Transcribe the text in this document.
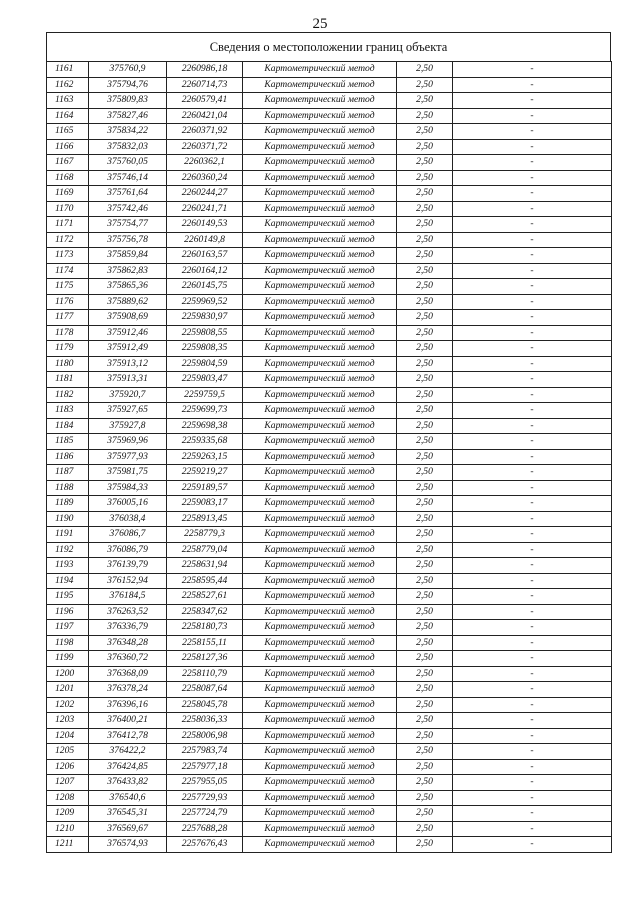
25
Сведения о местоположении границ объекта
1161	375760,9	2260986,18	Картометрический метод	2,50	-
1162	375794,76	2260714,73	Картометрический метод	2,50	-
1163	375809,83	2260579,41	Картометрический метод	2,50	-
1164	375827,46	2260421,04	Картометрический метод	2,50	-
1165	375834,22	2260371,92	Картометрический метод	2,50	-
1166	375832,03	2260371,72	Картометрический метод	2,50	-
1167	375760,05	2260362,1	Картометрический метод	2,50	-
1168	375746,14	2260360,24	Картометрический метод	2,50	-
1169	375761,64	2260244,27	Картометрический метод	2,50	-
1170	375742,46	2260241,71	Картометрический метод	2,50	-
1171	375754,77	2260149,53	Картометрический метод	2,50	-
1172	375756,78	2260149,8	Картометрический метод	2,50	-
1173	375859,84	2260163,57	Картометрический метод	2,50	-
1174	375862,83	2260164,12	Картометрический метод	2,50	-
1175	375865,36	2260145,75	Картометрический метод	2,50	-
1176	375889,62	2259969,52	Картометрический метод	2,50	-
1177	375908,69	2259830,97	Картометрический метод	2,50	-
1178	375912,46	2259808,55	Картометрический метод	2,50	-
1179	375912,49	2259808,35	Картометрический метод	2,50	-
1180	375913,12	2259804,59	Картометрический метод	2,50	-
1181	375913,31	2259803,47	Картометрический метод	2,50	-
1182	375920,7	2259759,5	Картометрический метод	2,50	-
1183	375927,65	2259699,73	Картометрический метод	2,50	-
1184	375927,8	2259698,38	Картометрический метод	2,50	-
1185	375969,96	2259335,68	Картометрический метод	2,50	-
1186	375977,93	2259263,15	Картометрический метод	2,50	-
1187	375981,75	2259219,27	Картометрический метод	2,50	-
1188	375984,33	2259189,57	Картометрический метод	2,50	-
1189	376005,16	2259083,17	Картометрический метод	2,50	-
1190	376038,4	2258913,45	Картометрический метод	2,50	-
1191	376086,7	2258779,3	Картометрический метод	2,50	-
1192	376086,79	2258779,04	Картометрический метод	2,50	-
1193	376139,79	2258631,94	Картометрический метод	2,50	-
1194	376152,94	2258595,44	Картометрический метод	2,50	-
1195	376184,5	2258527,61	Картометрический метод	2,50	-
1196	376263,52	2258347,62	Картометрический метод	2,50	-
1197	376336,79	2258180,73	Картометрический метод	2,50	-
1198	376348,28	2258155,11	Картометрический метод	2,50	-
1199	376360,72	2258127,36	Картометрический метод	2,50	-
1200	376368,09	2258110,79	Картометрический метод	2,50	-
1201	376378,24	2258087,64	Картометрический метод	2,50	-
1202	376396,16	2258045,78	Картометрический метод	2,50	-
1203	376400,21	2258036,33	Картометрический метод	2,50	-
1204	376412,78	2258006,98	Картометрический метод	2,50	-
1205	376422,2	2257983,74	Картометрический метод	2,50	-
1206	376424,85	2257977,18	Картометрический метод	2,50	-
1207	376433,82	2257955,05	Картометрический метод	2,50	-
1208	376540,6	2257729,93	Картометрический метод	2,50	-
1209	376545,31	2257724,79	Картометрический метод	2,50	-
1210	376569,67	2257688,28	Картометрический метод	2,50	-
1211	376574,93	2257676,43	Картометрический метод	2,50	-
